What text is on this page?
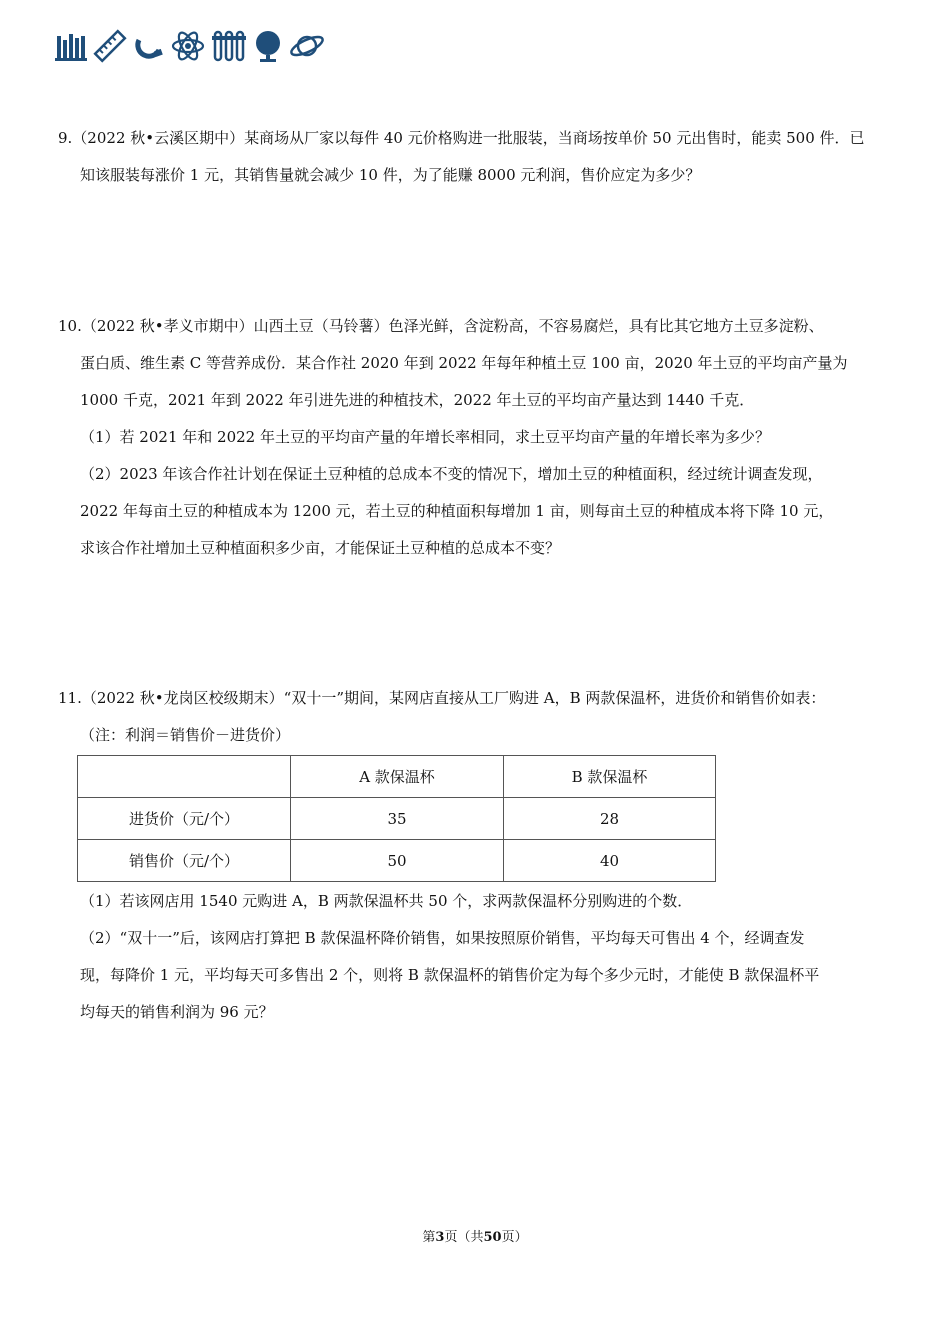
9.（2022 秋•云溪区期中）某商场从厂家以每件 40 元价格购进一批服装，当商场按单价 50 元出售时，能卖 500 件．已
知该服装每涨价 1 元，其销售量就会减少 10 件，为了能赚 8000 元利润，售价应定为多少？
10.（2022 秋•孝义市期中）山西土豆（马铃薯）色泽光鲜，含淀粉高，不容易腐烂，具有比其它地方土豆多淀粉、
蛋白质、维生素 C 等营养成份．某合作社 2020 年到 2022 年每年种植土豆 100 亩，2020 年土豆的平均亩产量为
1000 千克，2021 年到 2022 年引进先进的种植技术，2022 年土豆的平均亩产量达到 1440 千克．
（1）若 2021 年和 2022 年土豆的平均亩产量的年增长率相同，求土豆平均亩产量的年增长率为多少？
（2）2023 年该合作社计划在保证土豆种植的总成本不变的情况下，增加土豆的种植面积，经过统计调查发现，
2022 年每亩土豆的种植成本为 1200 元，若土豆的种植面积每增加 1 亩，则每亩土豆的种植成本将下降 10 元，
求该合作社增加土豆种植面积多少亩，才能保证土豆种植的总成本不变？
11.（2022 秋•龙岗区校级期末）“双十一”期间，某网店直接从工厂购进 A，B 两款保温杯，进货价和销售价如表：
（注：利润＝销售价－进货价）
	A 款保温杯	B 款保温杯
进货价（元/个）	35	28
销售价（元/个）	50	40
（1）若该网店用 1540 元购进 A，B 两款保温杯共 50 个，求两款保温杯分别购进的个数．
（2）“双十一”后，该网店打算把 B 款保温杯降价销售，如果按照原价销售，平均每天可售出 4 个，经调查发
现，每降价 1 元，平均每天可多售出 2 个，则将 B 款保温杯的销售价定为每个多少元时，才能使 B 款保温杯平
均每天的销售利润为 96 元？
第3页（共50页）
